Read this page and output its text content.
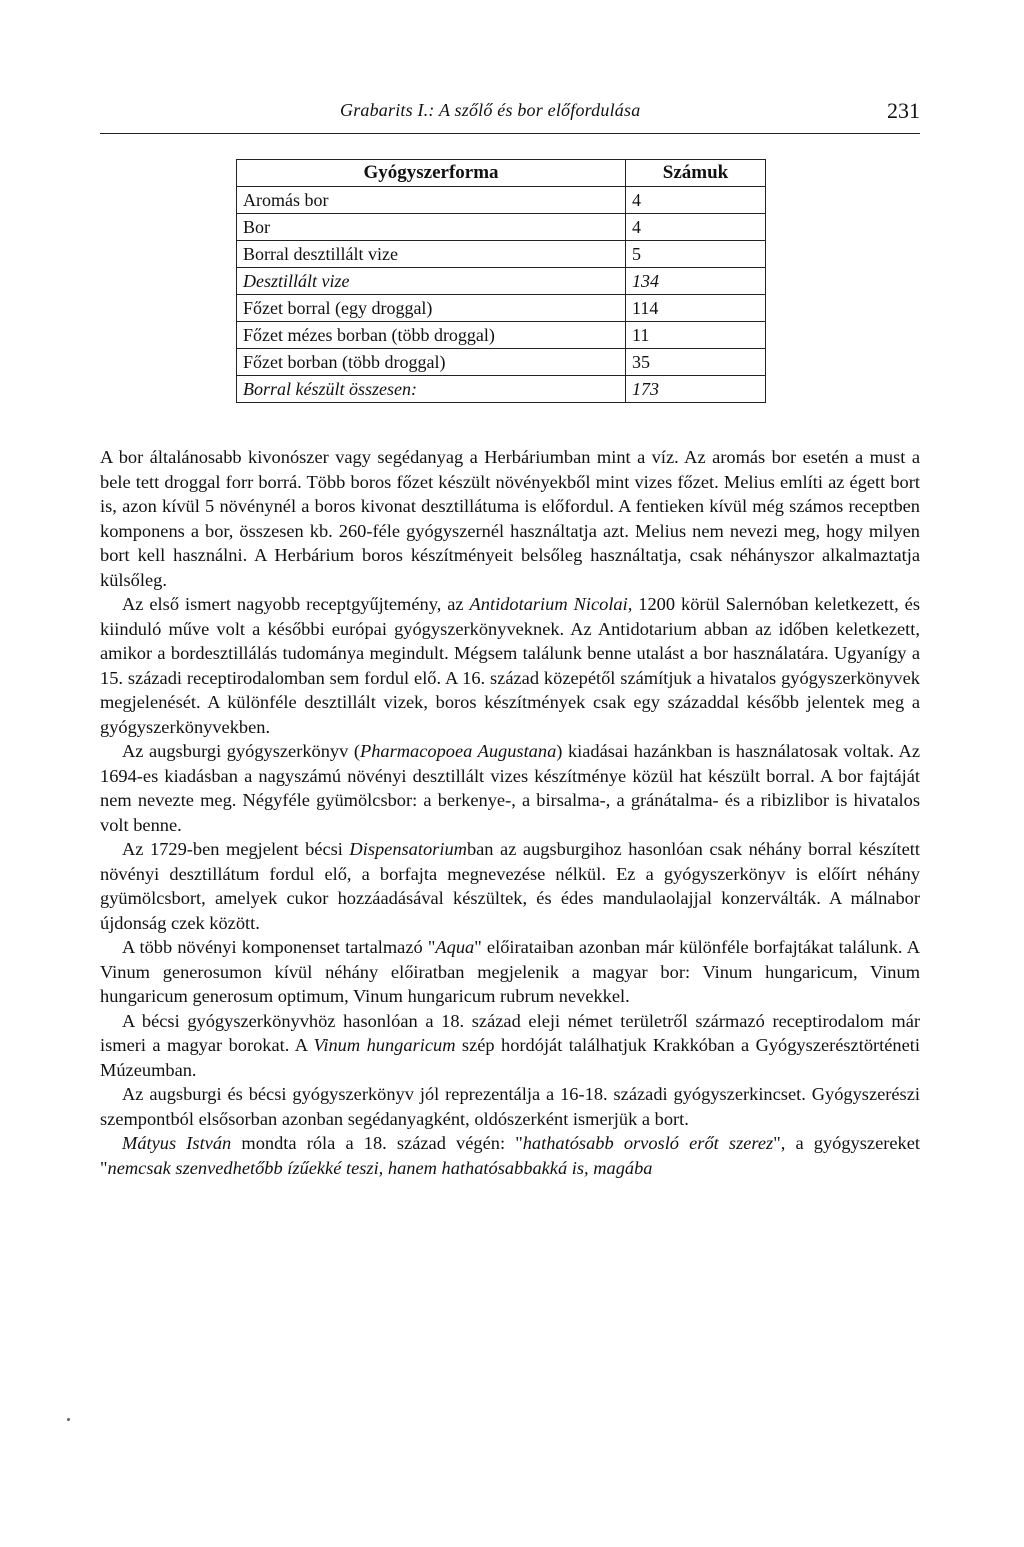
Grabarits I.: A szőlő és bor előfordulása	231
Gyógyszerforma	Számuk
Aromás bor	4
Bor	4
Borral desztillált vize	5
Desztillált vize	134
Főzet borral (egy droggal)	114
Főzet mézes borban (több droggal)	11
Főzet borban (több droggal)	35
Borral készült összesen:	173

A bor általánosabb kivonószer vagy segédanyag a Herbáriumban mint a víz. Az aromás bor esetén a must a bele tett droggal forr borrá. Több boros főzet készült növényekből mint vizes főzet. Melius említi az égett bort is, azon kívül 5 növénynél a boros kivonat desztillátuma is előfordul. A fentieken kívül még számos receptben komponens a bor, összesen kb. 260-féle gyógyszernél használtatja azt. Melius nem nevezi meg, hogy milyen bort kell használni. A Herbárium boros készítményeit belsőleg használtatja, csak néhányszor alkalmaztatja külsőleg.

Az első ismert nagyobb receptgyűjtemény, az Antidotarium Nicolai, 1200 körül Salernóban keletkezett, és kiinduló műve volt a későbbi európai gyógyszerkönyveknek. Az Antidotarium abban az időben keletkezett, amikor a bordesztillálás tudománya megindult. Mégsem találunk benne utalást a bor használatára. Ugyanígy a 15. századi receptirodalomban sem fordul elő. A 16. század közepétől számítjuk a hivatalos gyógyszerkönyvek megjelenését. A különféle desztillált vizek, boros készítmények csak egy századdal később jelentek meg a gyógyszerkönyvekben.

Az augsburgi gyógyszerkönyv (Pharmacopoea Augustana) kiadásai hazánkban is használatosak voltak. Az 1694-es kiadásban a nagyszámú növényi desztillált vizes készítménye közül hat készült borral. A bor fajtáját nem nevezte meg. Négyféle gyümölcsbor: a berkenye-, a birsalma-, a gránátalma- és a ribizlibor is hivatalos volt benne.

Az 1729-ben megjelent bécsi Dispensatoriumban az augsburgihoz hasonlóan csak néhány borral készített növényi desztillátum fordul elő, a borfajta megnevezése nélkül. Ez a gyógyszerkönyv is előírt néhány gyümölcsbort, amelyek cukor hozzáadásával készültek, és édes mandulaolajjal konzerválták. A málnabor újdonság czek között.

A több növényi komponenset tartalmazó "Aqua" előirataiban azonban már különféle borfajtákat találunk. A Vinum generosumon kívül néhány előiratban megjelenik a magyar bor: Vinum hungaricum, Vinum hungaricum generosum optimum, Vinum hungaricum rubrum nevekkel.

A bécsi gyógyszerkönyvhöz hasonlóan a 18. század eleji német területről származó receptirodalom már ismeri a magyar borokat. A Vinum hungaricum szép hordóját találhatjuk Krakkóban a Gyógyszerésztörténeti Múzeumban.

Az augsburgi és bécsi gyógyszerkönyv jól reprezentálja a 16-18. századi gyógyszerkincset. Gyógyszerészi szempontból elsősorban azonban segédanyagként, oldószerként ismerjük a bort.

Mátyus István mondta róla a 18. század végén: "hathatósabb orvosló erőt szerez", a gyógyszereket "nemcsak szenvedhetőbb ízűekké teszi, hanem hathatósabbakká is, magába
